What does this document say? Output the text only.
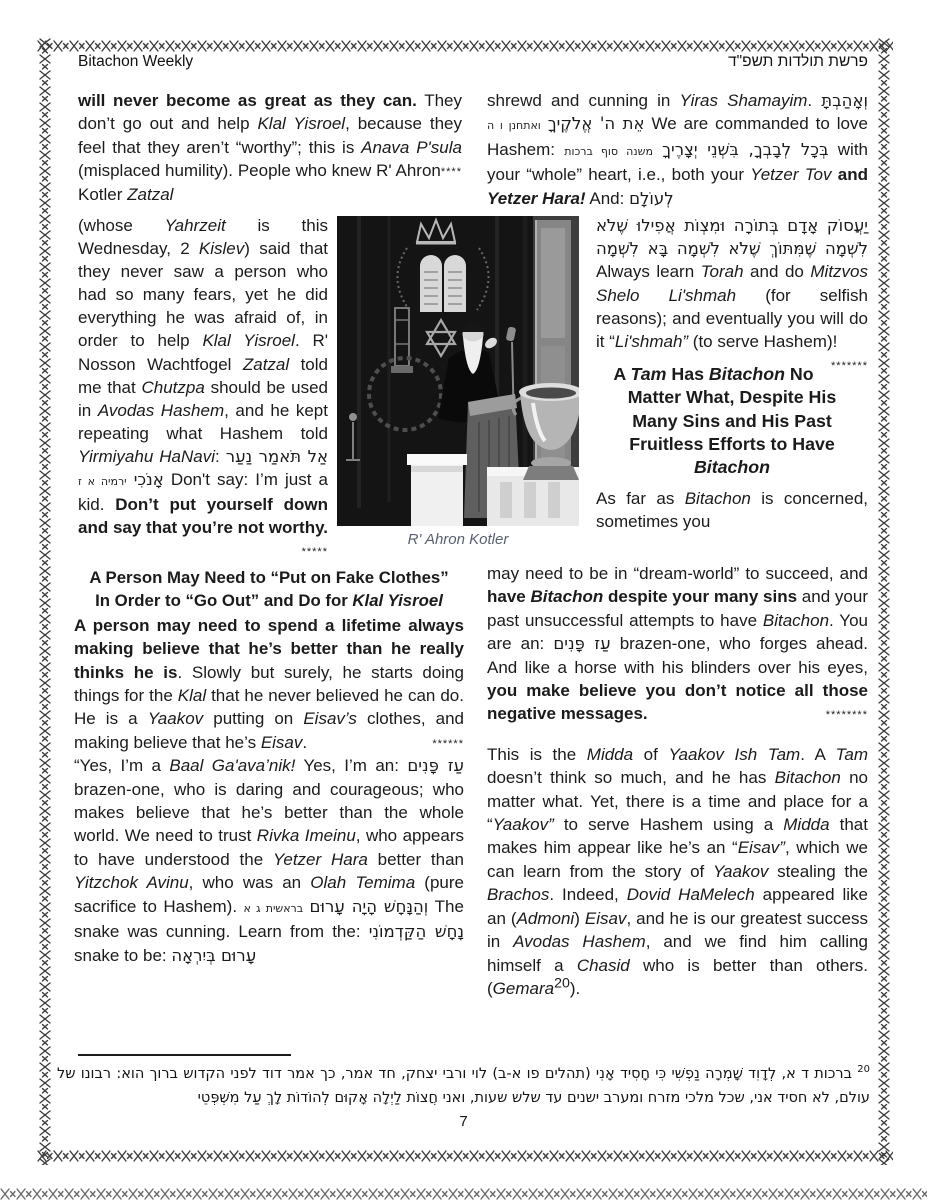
Bitachon Weekly	פרשת תולדות תשפ"ד
will never become as great as they can. They don’t go out and help Klal Yisroel, because they feel that they aren’t “worthy”; this is Anava P'sula (misplaced humility).	****
People who knew R' Ahron Kotler Zatzal
(whose Yahrzeit is this Wednesday, 2 Kislev) said that they never saw a person who had so many fears, yet he did everything he was afraid of, in order to help Klal Yisroel. R' Nosson Wachtfogel Zatzal told me that Chutzpa should be used in Avodas Hashem, and he kept repeating what Hashem told Yirmiyahu HaNavi: אַל תֹּאמַר נַעַר אָנֹכִי ירמיה א ז Don't say: I’m just a kid. Don’t put yourself down and say that you’re not worthy.
*****
A Person May Need to “Put on Fake Clothes”
In Order to “Go Out” and Do for Klal Yisroel

A person may need to spend a lifetime always making believe that he’s better than he really thinks he is. Slowly but surely, he starts doing things for the Klal that he never believed he can do. He is a Yaakov putting on Eisav’s clothes, and making believe that he’s Eisav.	******

“Yes, I’m a Baal Ga'ava’nik! Yes, I’m an: עַז פָּנִים brazen-one, who is daring and courageous; who makes believe that he’s better than the whole world. We need to trust Rivka Imeinu, who appears to have understood the Yetzer Hara better than Yitzchok Avinu, who was an Olah Temima (pure sacrifice to Hashem).	וְהַנָּחָשׁ הָיָה עָרוּם בראשית ג א	The snake was cunning. Learn from the: נָחָשׁ הַקַּדְמוֹנִי snake to be: עָרוּם בְּיִרְאָה

shrewd and cunning in Yiras Shamayim. וְאָהַבְתָּ אֵת ה' אֱלֹקֶיךָ ואתחנן ו ה	We are commanded to love Hashem:	בְּכָל לְבָבְךָ, בִּשְׁנֵי יְצָרֶיךָ משנה סוף ברכות	with your “whole” heart, i.e., both your Yetzer Tov and Yetzer Hara! And: לְעוֹלָם

יַעֲסוֹק אָדָם בְּתוֹרָה וּמִצְוֹת אֲפִילוּ שֶׁלֹא לִשְׁמָה שֶׁמִּתּוֹךְ שֶׁלֹא לִשְׁמָה בָּא לִשְׁמָה Always learn Torah and do Mitzvos Shelo Li'shmah (for selfish reasons); and eventually you will do it “Li'shmah” (to serve Hashem)!
*******

A Tam Has Bitachon No
Matter What, Despite His
Many Sins and His Past
Fruitless Efforts to Have
Bitachon

As far as Bitachon is concerned, sometimes you

may need to be in “dream-world” to succeed, and have Bitachon despite your many sins and your past unsuccessful attempts to have Bitachon. You are an: עַז פָּנִים brazen-one, who forges ahead. And like a horse with his blinders over his eyes, you make believe you don’t notice all those negative messages.	********

This is the Midda of Yaakov Ish Tam. A Tam doesn’t think so much, and he has Bitachon no matter what. Yet, there is a time and place for a “Yaakov” to serve Hashem using a Midda that makes him appear like he’s an “Eisav”, which we can learn from the story of Yaakov stealing the Brachos. Indeed, Dovid HaMelech appeared like an (Admoni) Eisav, and he is our greatest success in Avodas Hashem, and we find him calling himself a Chasid who is better than others. (Gemara$^{20}$).

R' Ahron Kotler
$^{20}$ ברכות ד א, לְדָוִד שָׁמְרָה נַפְשִׁי כִּי חָסִיד אָנִי (תהלים פו א-ב) לוי ורבי יצחק, חד אמר, כך אמר דוד לפני הקדוש ברוך הוא: רבונו של עולם, לא חסיד אני, שכל מלכי מזרח ומערב ישנים עד שלש שעות, ואני חֲצוֹת לַיְלָה אָקוּם לְהוֹדוֹת לָךְ עַל מִשְׁפְּטֵי
7
